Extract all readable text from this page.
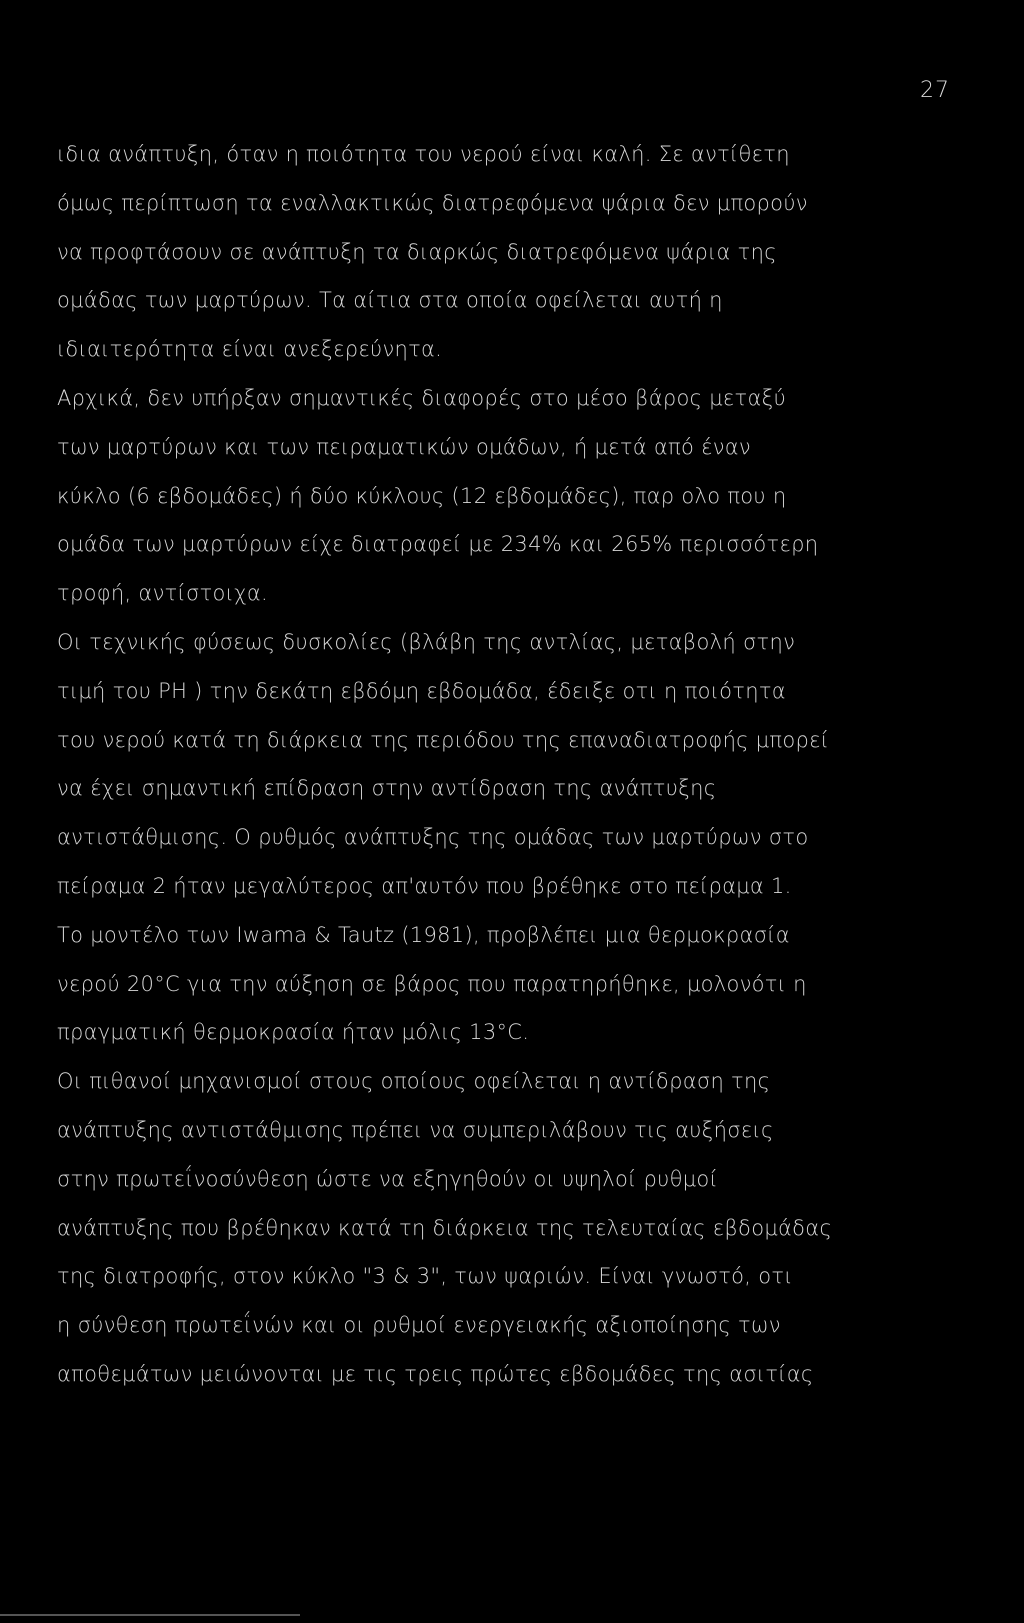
27
ιδια ανάπτυξη, όταν η ποιότητα του νερού είναι καλή. Σε αντίθετη
όμως περίπτωση τα εναλλακτικώς διατρεφόμενα ψάρια δεν μπορούν
να προφτάσουν σε ανάπτυξη τα διαρκώς διατρεφόμενα ψάρια της
ομάδας των μαρτύρων. Τα αίτια στα οποία οφείλεται αυτή η
ιδιαιτερότητα είναι ανεξερεύνητα.
Αρχικά, δεν υπήρξαν σημαντικές διαφορές στο μέσο βάρος μεταξύ
των μαρτύρων και των πειραματικών ομάδων, ή μετά από έναν
κύκλο (6 εβδομάδες) ή δύο κύκλους (12 εβδομάδες), παρ ολο που η
ομάδα των μαρτύρων είχε διατραφεί με 234% και 265% περισσότερη
τροφή, αντίστοιχα.
Οι τεχνικής φύσεως δυσκολίες (βλάβη της αντλίας, μεταβολή στην
τιμή του PH ) την δεκάτη εβδόμη εβδομάδα, έδειξε οτι η ποιότητα
του νερού κατά τη διάρκεια της περιόδου της επαναδιατροφής μπορεί
να έχει σημαντική επίδραση στην αντίδραση της ανάπτυξης
αντιστάθμισης. Ο ρυθμός ανάπτυξης της ομάδας των μαρτύρων στο
πείραμα 2 ήταν μεγαλύτερος απ'αυτόν που βρέθηκε στο πείραμα 1.
Το μοντέλο των Iwama & Tautz (1981), προβλέπει μια θερμοκρασία
νερού 20°C για την αύξηση σε βάρος που παρατηρήθηκε, μολονότι η
πραγματική θερμοκρασία ήταν μόλις 13°C.
Οι πιθανοί μηχανισμοί στους οποίους οφείλεται η αντίδραση της
ανάπτυξης αντιστάθμισης πρέπει να συμπεριλάβουν τις αυξήσεις
στην πρωτεΐνοσύνθεση ώστε να εξηγηθούν οι υψηλοί ρυθμοί
ανάπτυξης που βρέθηκαν κατά τη διάρκεια της τελευταίας εβδομάδας
της διατροφής, στον κύκλο "3 & 3", των ψαριών. Είναι γνωστό, οτι
η σύνθεση πρωτεΐνών και οι ρυθμοί ενεργειακής αξιοποίησης των
αποθεμάτων μειώνονται με τις τρεις πρώτες εβδομάδες της ασιτίας
